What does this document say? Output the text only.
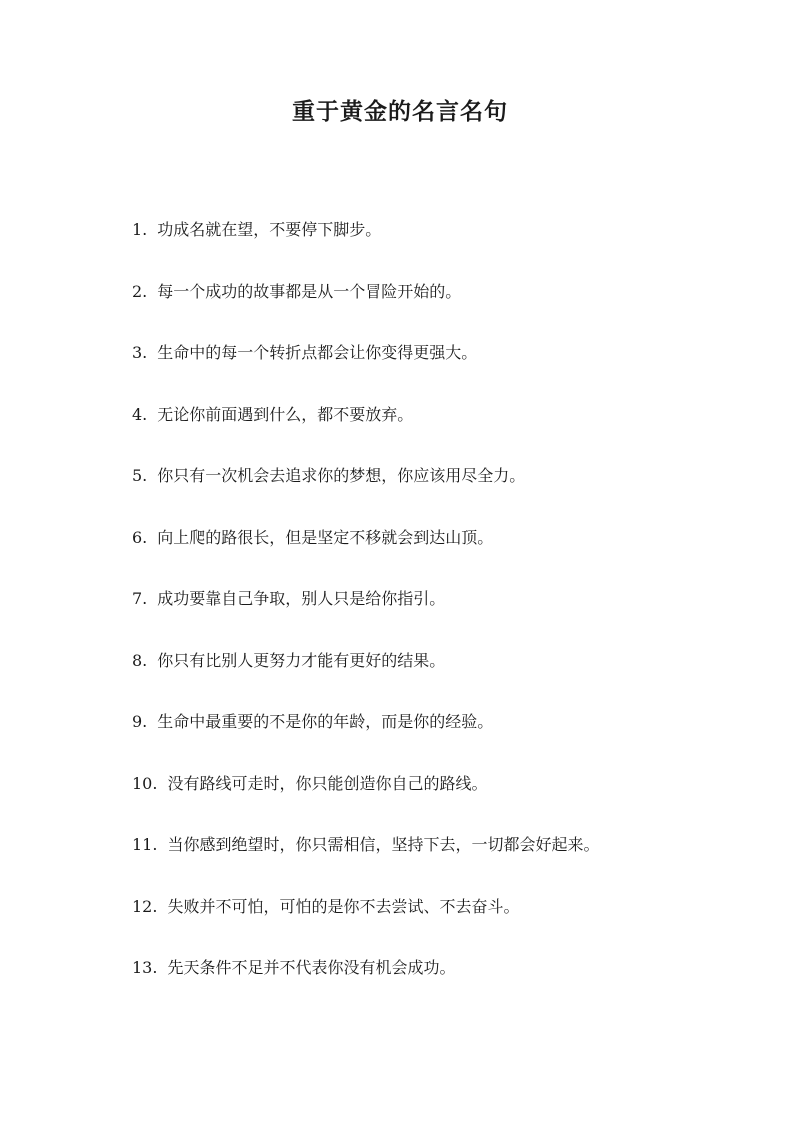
重于黄金的名言名句
1. 功成名就在望，不要停下脚步。
2. 每一个成功的故事都是从一个冒险开始的。
3. 生命中的每一个转折点都会让你变得更强大。
4. 无论你前面遇到什么，都不要放弃。
5. 你只有一次机会去追求你的梦想，你应该用尽全力。
6. 向上爬的路很长，但是坚定不移就会到达山顶。
7. 成功要靠自己争取，别人只是给你指引。
8. 你只有比别人更努力才能有更好的结果。
9. 生命中最重要的不是你的年龄，而是你的经验。
10. 没有路线可走时，你只能创造你自己的路线。
11. 当你感到绝望时，你只需相信，坚持下去，一切都会好起来。
12. 失败并不可怕，可怕的是你不去尝试、不去奋斗。
13. 先天条件不足并不代表你没有机会成功。
